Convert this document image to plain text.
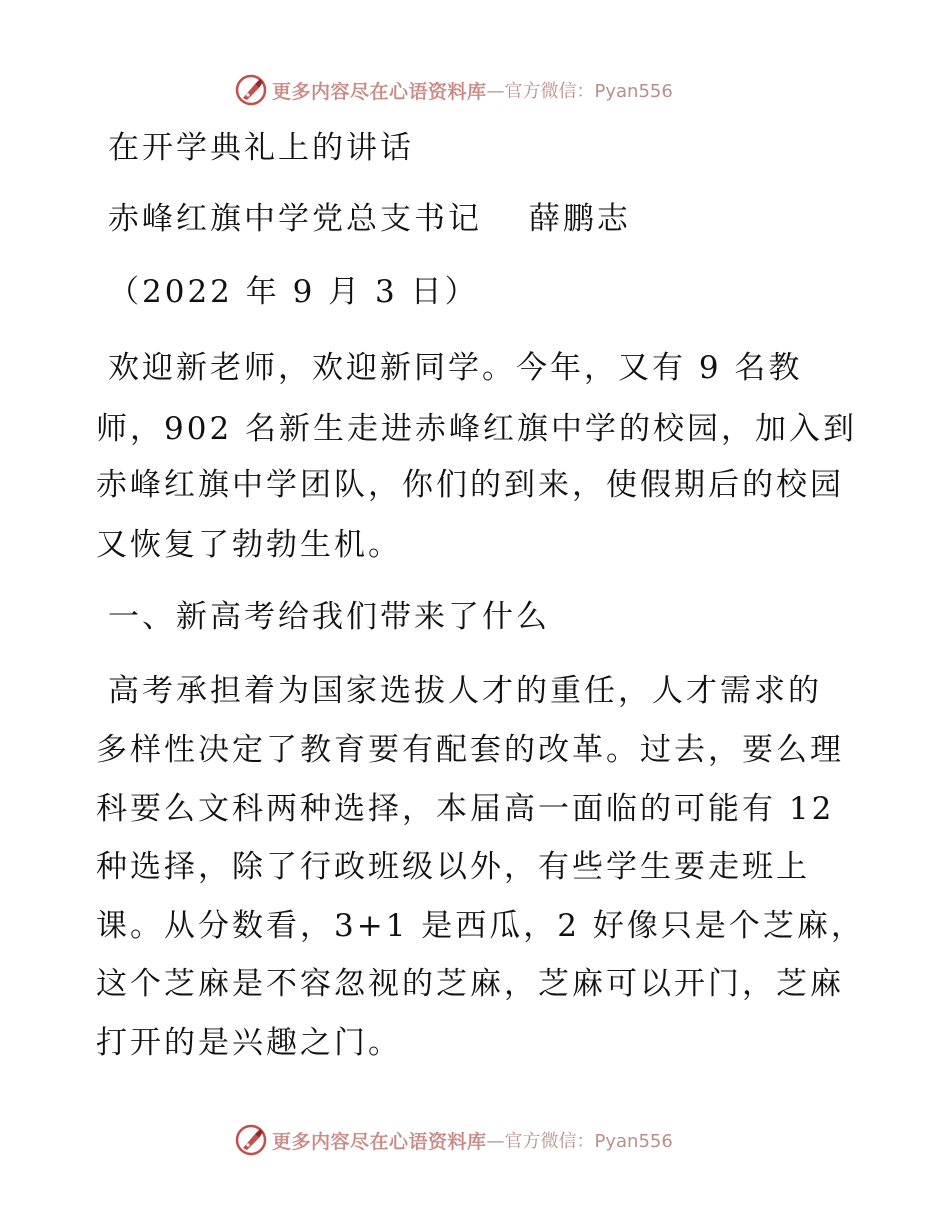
更多内容尽在心语资料库 —官方微信：Pyan556
在开学典礼上的讲话
赤峰红旗中学党总支书记　 薛鹏志
（2022 年 9 月 3 日）
欢迎新老师，欢迎新同学。今年，又有 9 名教
师，902 名新生走进赤峰红旗中学的校园，加入到
赤峰红旗中学团队，你们的到来，使假期后的校园
又恢复了勃勃生机。
一、新高考给我们带来了什么
高考承担着为国家选拔人才的重任，人才需求的
多样性决定了教育要有配套的改革。过去，要么理
科要么文科两种选择，本届高一面临的可能有 12
种选择，除了行政班级以外，有些学生要走班上
课。从分数看，3+1 是西瓜，2 好像只是个芝麻，
这个芝麻是不容忽视的芝麻，芝麻可以开门，芝麻
打开的是兴趣之门。
更多内容尽在心语资料库 —官方微信：Pyan556
